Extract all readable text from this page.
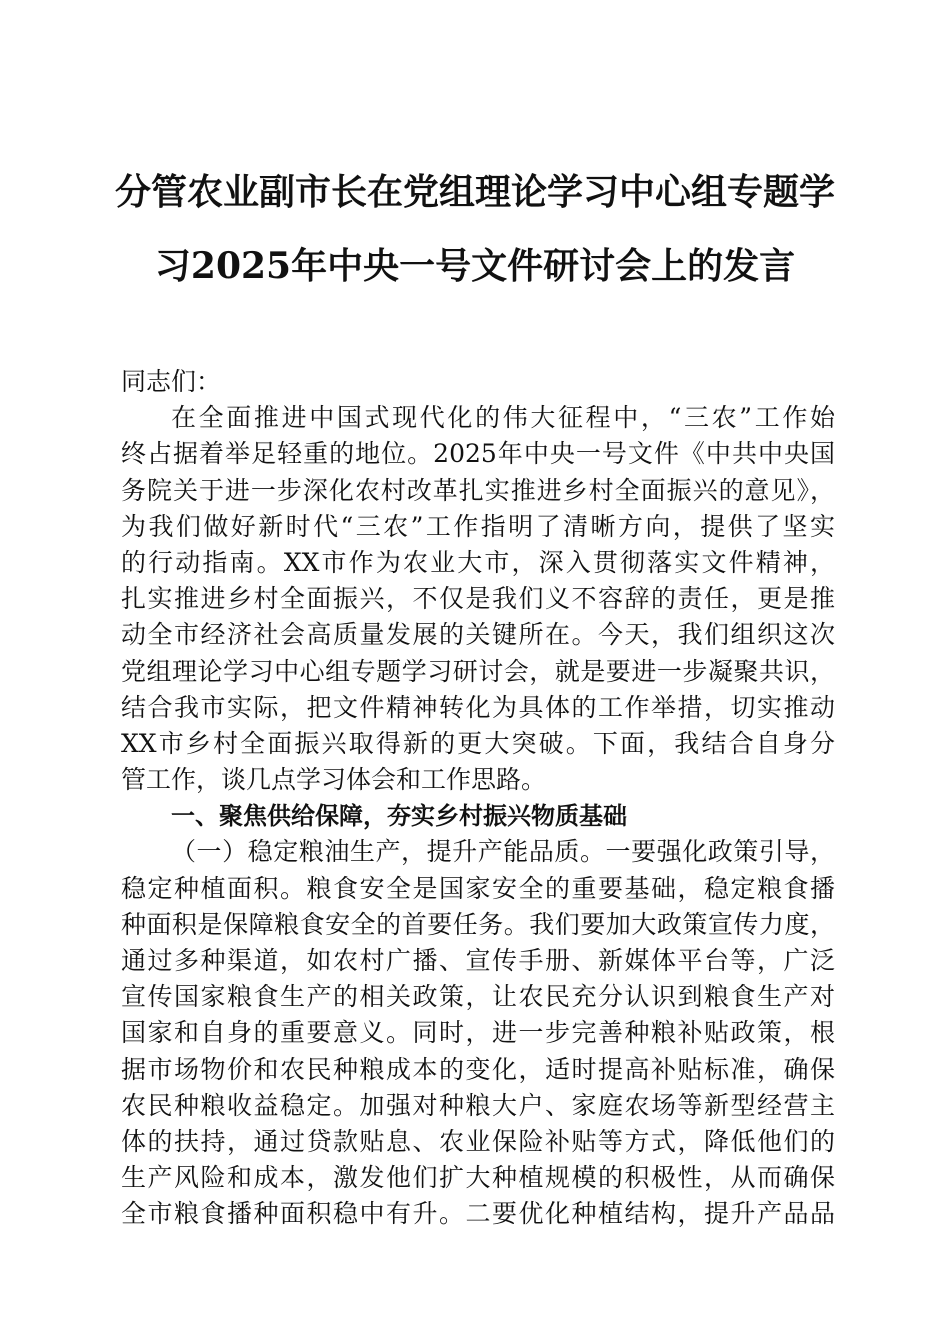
分管农业副市长在党组理论学习中心组专题学
习2025年中央一号文件研讨会上的发言
同志们：
在全面推进中国式现代化的伟大征程中，“三农”工作始
终占据着举足轻重的地位。2025年中央一号文件《中共中央国
务院关于进一步深化农村改革扎实推进乡村全面振兴的意见》，
为我们做好新时代“三农”工作指明了清晰方向，提供了坚实
的行动指南。XX市作为农业大市，深入贯彻落实文件精神，
扎实推进乡村全面振兴，不仅是我们义不容辞的责任，更是推
动全市经济社会高质量发展的关键所在。今天，我们组织这次
党组理论学习中心组专题学习研讨会，就是要进一步凝聚共识，
结合我市实际，把文件精神转化为具体的工作举措，切实推动
XX市乡村全面振兴取得新的更大突破。下面，我结合自身分
管工作，谈几点学习体会和工作思路。
一、聚焦供给保障，夯实乡村振兴物质基础
（一）稳定粮油生产，提升产能品质。一要强化政策引导，
稳定种植面积。粮食安全是国家安全的重要基础，稳定粮食播
种面积是保障粮食安全的首要任务。我们要加大政策宣传力度，
通过多种渠道，如农村广播、宣传手册、新媒体平台等，广泛
宣传国家粮食生产的相关政策，让农民充分认识到粮食生产对
国家和自身的重要意义。同时，进一步完善种粮补贴政策，根
据市场物价和农民种粮成本的变化，适时提高补贴标准，确保
农民种粮收益稳定。加强对种粮大户、家庭农场等新型经营主
体的扶持，通过贷款贴息、农业保险补贴等方式，降低他们的
生产风险和成本，激发他们扩大种植规模的积极性，从而确保
全市粮食播种面积稳中有升。二要优化种植结构，提升产品品
